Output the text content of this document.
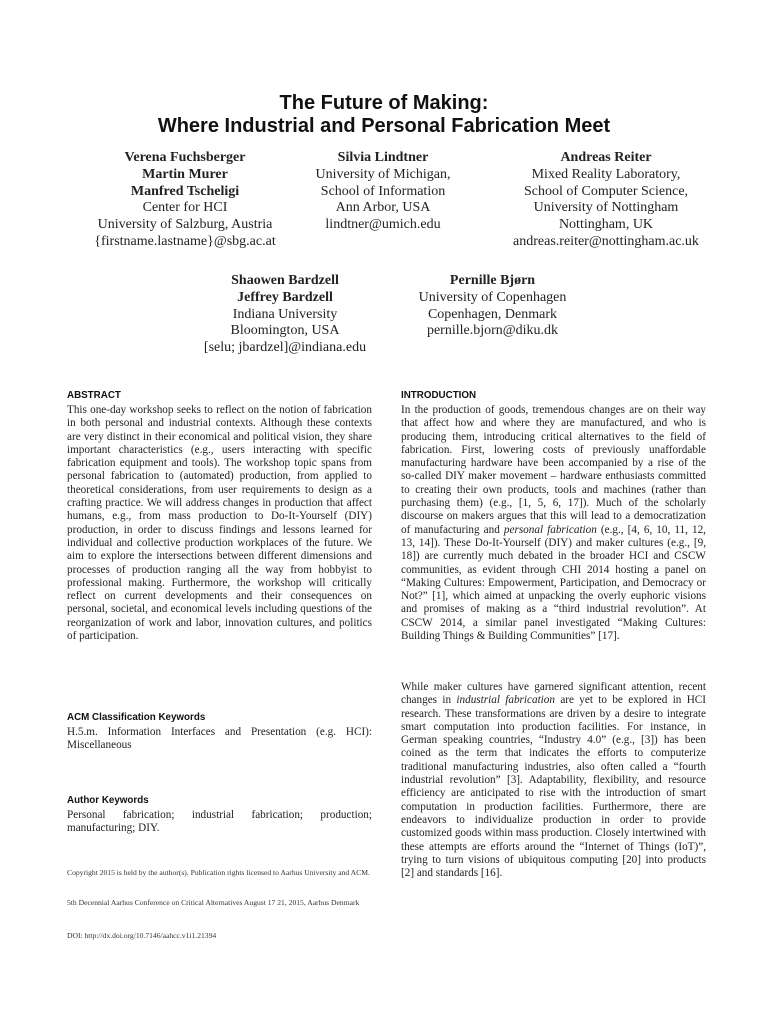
The Future of Making:
Where Industrial and Personal Fabrication Meet
Verena Fuchsberger
Martin Murer
Manfred Tscheligi
Center for HCI
University of Salzburg, Austria
{firstname.lastname}@sbg.ac.at
Silvia Lindtner
University of Michigan,
School of Information
Ann Arbor, USA
lindtner@umich.edu
Andreas Reiter
Mixed Reality Laboratory,
School of Computer Science,
University of Nottingham
Nottingham, UK
andreas.reiter@nottingham.ac.uk
Shaowen Bardzell
Jeffrey Bardzell
Indiana University
Bloomington, USA
[selu; jbardzel]@indiana.edu
Pernille Bjørn
University of Copenhagen
Copenhagen, Denmark
pernille.bjorn@diku.dk
ABSTRACT

This one-day workshop seeks to reflect on the notion of fabrication in both personal and industrial contexts. Although these contexts are very distinct in their economical and political vision, they share important characteristics (e.g., users interacting with specific fabrication equipment and tools). The workshop topic spans from personal fabrication to (automated) production, from applied to theoretical considerations, from user requirements to design as a crafting practice. We will address changes in production that affect humans, e.g., from mass production to Do-It-Yourself (DIY) production, in order to discuss findings and lessons learned for individual and collective production workplaces of the future. We aim to explore the intersections between different dimensions and processes of production ranging all the way from hobbyist to professional making. Furthermore, the workshop will critically reflect on current developments and their consequences on personal, societal, and economical levels including questions of the reorganization of work and labor, innovation cultures, and politics of participation.

ACM Classification Keywords

H.5.m. Information Interfaces and Presentation (e.g. HCI): Miscellaneous

Author Keywords

Personal fabrication; industrial fabrication; production; manufacturing; DIY.

Copyright 2015 is held by the author(s). Publication rights licensed to Aarhus University and ACM.
5th Decennial Aarhus Conference on Critical Alternatives August 17 21, 2015, Aarhus Denmark
DOI: http://dx.doi.org/10.7146/aahcc.v1i1.21394
INTRODUCTION

In the production of goods, tremendous changes are on their way that affect how and where they are manufactured, and who is producing them, introducing critical alternatives to the field of fabrication. First, lowering costs of previously unaffordable manufacturing hardware have been accompanied by a rise of the so-called DIY maker movement – hardware enthusiasts committed to creating their own products, tools and machines (rather than purchasing them) (e.g., [1, 5, 6, 17]). Much of the scholarly discourse on makers argues that this will lead to a democratization of manufacturing and personal fabrication (e.g., [4, 6, 10, 11, 12, 13, 14]). These Do-It-Yourself (DIY) and maker cultures (e.g., [9, 18]) are currently much debated in the broader HCI and CSCW communities, as evident through CHI 2014 hosting a panel on “Making Cultures: Empowerment, Participation, and Democracy or Not?” [1], which aimed at unpacking the overly euphoric visions and promises of making as a “third industrial revolution”. At CSCW 2014, a similar panel investigated “Making Cultures: Building Things & Building Communities” [17].

While maker cultures have garnered significant attention, recent changes in industrial fabrication are yet to be explored in HCI research. These transformations are driven by a desire to integrate smart computation into production facilities. For instance, in German speaking countries, “Industry 4.0” (e.g., [3]) has been coined as the term that indicates the efforts to computerize traditional manufacturing industries, also often called a “fourth industrial revolution” [3]. Adaptability, flexibility, and resource efficiency are anticipated to rise with the introduction of smart computation in production facilities. Furthermore, there are endeavors to individualize production in order to provide customized goods within mass production. Closely intertwined with these attempts are efforts around the “Internet of Things (IoT)”, trying to turn visions of ubiquitous computing [20] into products [2] and standards [16].
